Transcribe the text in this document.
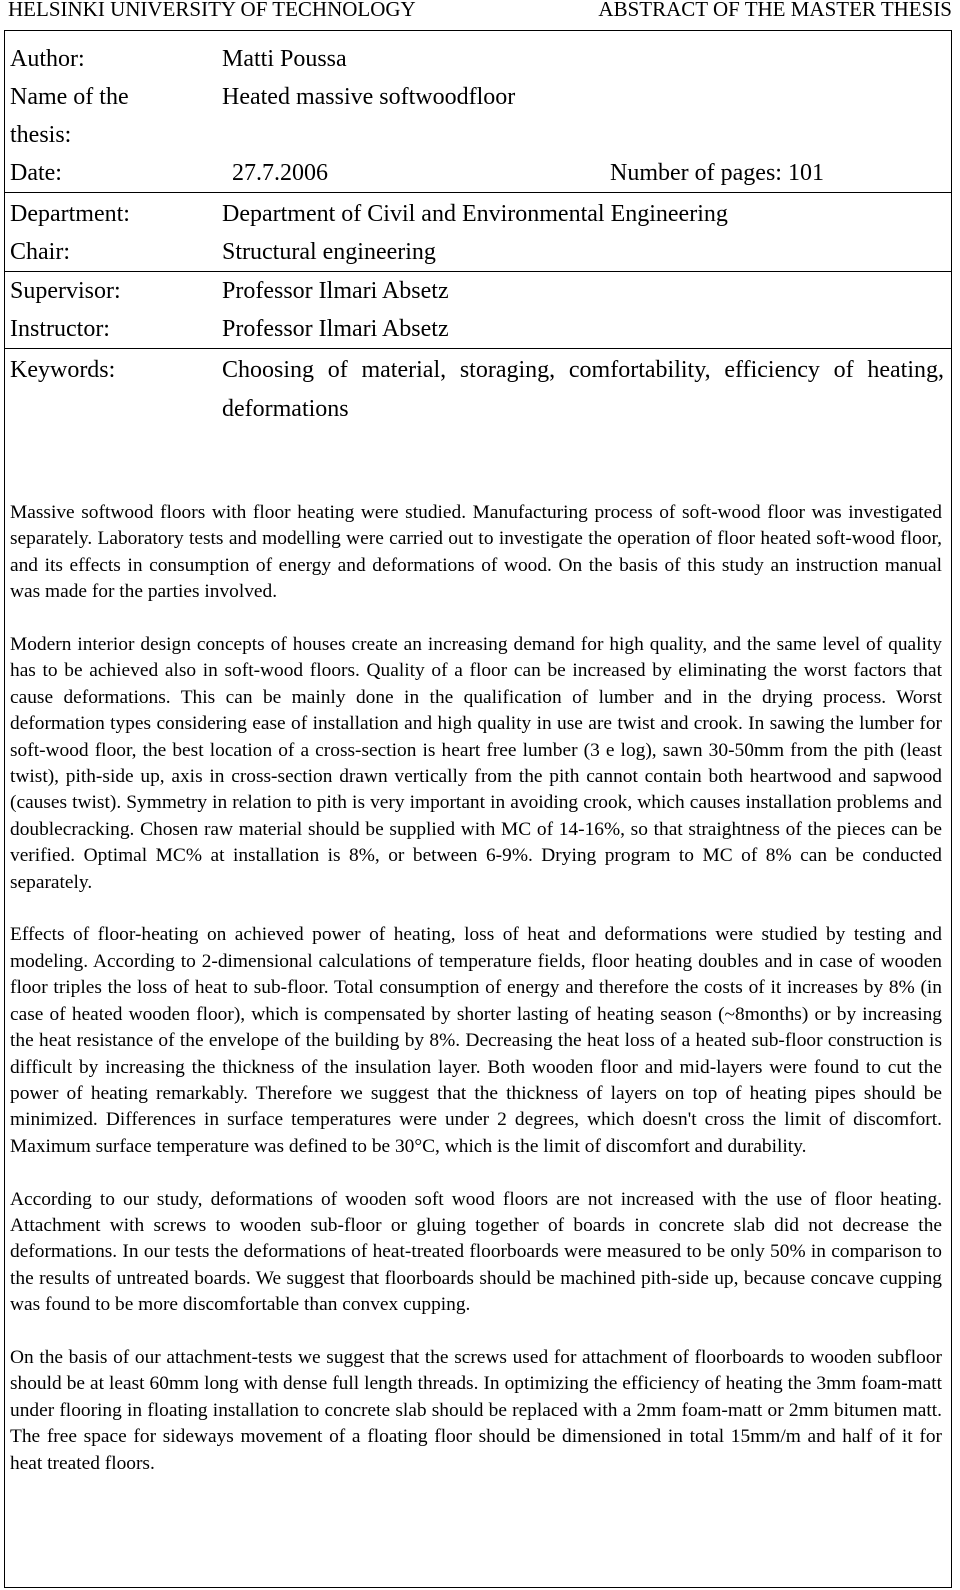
HELSINKI UNIVERSITY OF TECHNOLOGY	ABSTRACT OF THE MASTER THESIS
Author:	Matti Poussa
Name of the	Heated massive softwoodfloor
thesis:
Date:	27.7.2006	Number of pages: 101
Department:	Department of Civil and Environmental Engineering
Chair:	Structural engineering
Supervisor:	Professor Ilmari Absetz
Instructor:	Professor Ilmari Absetz
Keywords:	Choosing of material, storaging, comfortability, efficiency of heating, deformations

Massive softwood floors with floor heating were studied. Manufacturing process of soft-wood floor was investigated separately. Laboratory tests and modelling were carried out to investigate the operation of floor heated soft-wood floor, and its effects in consumption of energy and deformations of wood. On the basis of this study an instruction manual was made for the parties involved.

Modern interior design concepts of houses create an increasing demand for high quality, and the same level of quality has to be achieved also in soft-wood floors. Quality of a floor can be increased by eliminating the worst factors that cause deformations. This can be mainly done in the qualification of lumber and in the drying process. Worst deformation types considering ease of installation and high quality in use are twist and crook. In sawing the lumber for soft-wood floor, the best location of a cross-section is heart free lumber (3 e log), sawn 30-50mm from the pith (least twist), pith-side up, axis in cross-section drawn vertically from the pith cannot contain both heartwood and sapwood (causes twist). Symmetry in relation to pith is very important in avoiding crook, which causes installation problems and doublecracking. Chosen raw material should be supplied with MC of 14-16%, so that straightness of the pieces can be verified. Optimal MC% at installation is 8%, or between 6-9%. Drying program to MC of 8% can be conducted separately.

Effects of floor-heating on achieved power of heating, loss of heat and deformations were studied by testing and modeling. According to 2-dimensional calculations of temperature fields, floor heating doubles and in case of wooden floor triples the loss of heat to sub-floor. Total consumption of energy and therefore the costs of it increases by 8% (in case of heated wooden floor), which is compensated by shorter lasting of heating season (~8months) or by increasing the heat resistance of the envelope of the building by 8%. Decreasing the heat loss of a heated sub-floor construction is difficult by increasing the thickness of the insulation layer. Both wooden floor and mid-layers were found to cut the power of heating remarkably. Therefore we suggest that the thickness of layers on top of heating pipes should be minimized. Differences in surface temperatures were under 2 degrees, which doesn't cross the limit of discomfort. Maximum surface temperature was defined to be 30°C, which is the limit of discomfort and durability.

According to our study, deformations of wooden soft wood floors are not increased with the use of floor heating. Attachment with screws to wooden sub-floor or gluing together of boards in concrete slab did not decrease the deformations. In our tests the deformations of heat-treated floorboards were measured to be only 50% in comparison to the results of untreated boards. We suggest that floorboards should be machined pith-side up, because concave cupping was found to be more discomfortable than convex cupping.

On the basis of our attachment-tests we suggest that the screws used for attachment of floorboards to wooden subfloor should be at least 60mm long with dense full length threads. In optimizing the efficiency of heating the 3mm foam-matt under flooring in floating installation to concrete slab should be replaced with a 2mm foam-matt or 2mm bitumen matt. The free space for sideways movement of a floating floor should be dimensioned in total 15mm/m and half of it for heat treated floors.
